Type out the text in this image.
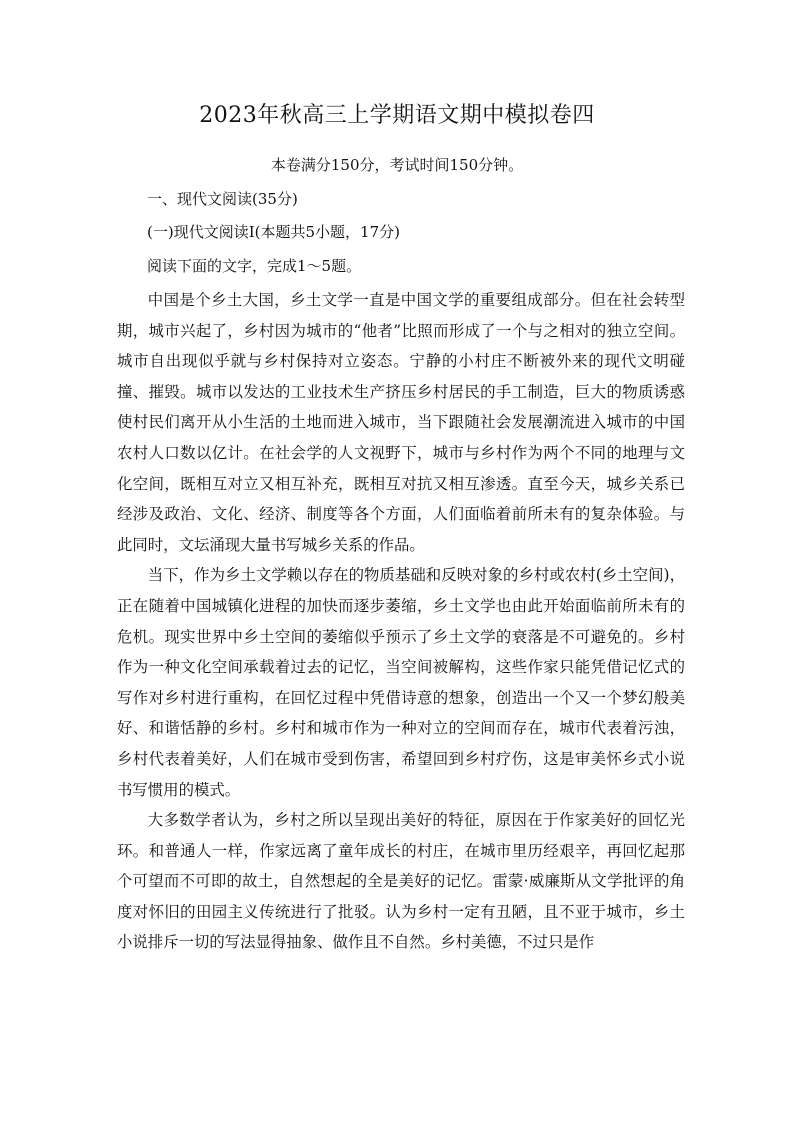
2023年秋高三上学期语文期中模拟卷四
本卷满分150分，考试时间150分钟。
一、现代文阅读(35分)
(一)现代文阅读Ⅰ(本题共5小题，17分)
阅读下面的文字，完成1～5题。

中国是个乡土大国，乡土文学一直是中国文学的重要组成部分。但在社会转型期，城市兴起了，乡村因为城市的“他者”比照而形成了一个与之相对的独立空间。城市自出现似乎就与乡村保持对立姿态。宁静的小村庄不断被外来的现代文明碰撞、摧毁。城市以发达的工业技术生产挤压乡村居民的手工制造，巨大的物质诱惑使村民们离开从小生活的土地而进入城市，当下跟随社会发展潮流进入城市的中国农村人口数以亿计。在社会学的人文视野下，城市与乡村作为两个不同的地理与文化空间，既相互对立又相互补充，既相互对抗又相互渗透。直至今天，城乡关系已经涉及政治、文化、经济、制度等各个方面，人们面临着前所未有的复杂体验。与此同时，文坛涌现大量书写城乡关系的作品。

当下，作为乡土文学赖以存在的物质基础和反映对象的乡村或农村(乡土空间)，正在随着中国城镇化进程的加快而逐步萎缩，乡土文学也由此开始面临前所未有的危机。现实世界中乡土空间的萎缩似乎预示了乡土文学的衰落是不可避免的。乡村作为一种文化空间承载着过去的记忆，当空间被解构，这些作家只能凭借记忆式的写作对乡村进行重构，在回忆过程中凭借诗意的想象，创造出一个又一个梦幻般美好、和谐恬静的乡村。乡村和城市作为一种对立的空间而存在，城市代表着污浊，乡村代表着美好，人们在城市受到伤害，希望回到乡村疗伤，这是审美怀乡式小说书写惯用的模式。

大多数学者认为，乡村之所以呈现出美好的特征，原因在于作家美好的回忆光环。和普通人一样，作家远离了童年成长的村庄，在城市里历经艰辛，再回忆起那个可望而不可即的故土，自然想起的全是美好的记忆。雷蒙·威廉斯从文学批评的角度对怀旧的田园主义传统进行了批驳。认为乡村一定有丑陋，且不亚于城市，乡土小说排斥一切的写法显得抽象、做作且不自然。乡村美德，不过只是作
